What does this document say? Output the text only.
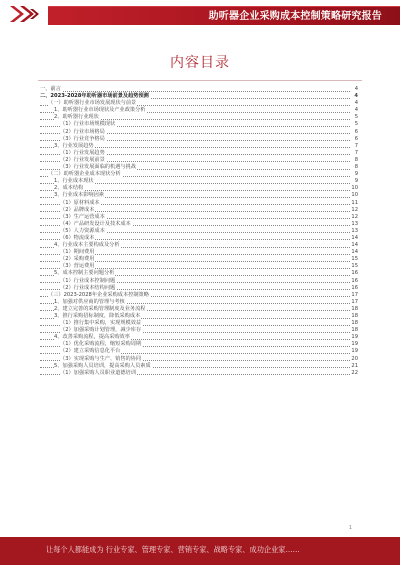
助听器企业采购成本控制策略研究报告
内容目录
一、前言	4
二、2023-2028年助听器市场前景及趋势预测	4
（一）助听器行业市场发展现状与前景	4
1、助听器行业市场现状及产业政策分析	4
2、助听器行业现状	5
（1）行业市场规模现状	5
（2）行业市场格局	6
（3）行业竞争格局	6
3、行业发展趋势	7
（1）行业发展趋势	7
（2）行业发展前景	8
（3）行业发展面临的机遇与挑战	8
（二）助听器企业成本现状分析	9
1、行业成本现状	9
2、成本结构	10
3、行业成本影响因素	10
（1）原材料成本	11
（2）品牌成本	12
（3）生产运营成本	12
（4）产品研发设计及技术成本	13
（5）人力资源成本	13
（6）物流成本	14
4、行业成本主要构成及分析	14
（1）期间费用	14
（2）采购费用	15
（3）营运费用	15
5、成本控制主要问题分析	16
（1）行业成本控制问题	16
（2）行业成本结构问题	16
（三）2023-2028年企业采购成本控制策略	17
1、加强对供应商的管理与考核	17
2、建立完善的采购管理制度及业务流程	18
3、推行采购招标制度，降低采购成本	18
（1）推行集中采购，实现规模效益	18
（2）加强采购计划管理，减少库存	18
4、改善采购流程，提高采购效率	19
（1）优化采购流程，缩短采购周期	19
（2）建立采购信息化平台	19
（3）实现采购与生产、销售的协同	20
5、加强采购人员培训，提高采购人员素质	21
（1）加强采购人员职业道德培训	22
让每个人都能成为 行业专家、管理专家、营销专家、战略专家、成功企业家……
1
